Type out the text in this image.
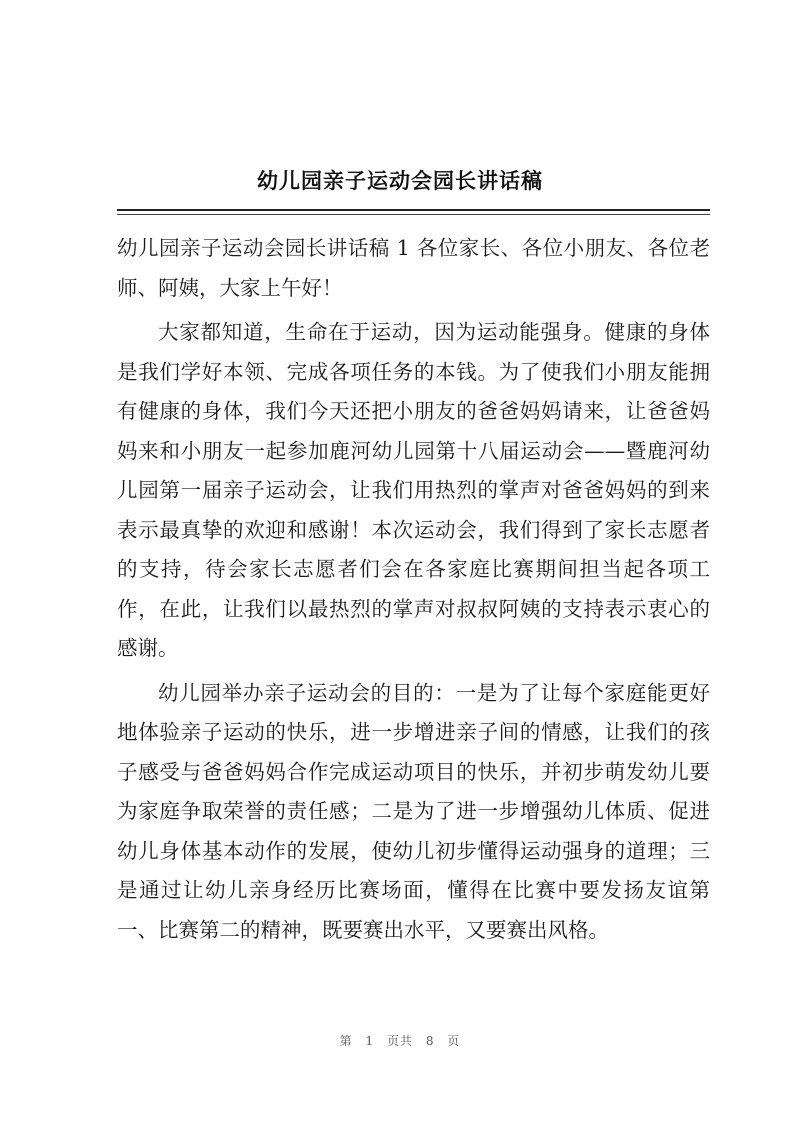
幼儿园亲子运动会园长讲话稿

幼儿园亲子运动会园长讲话稿 1 各位家长、各位小朋友、各位老师、阿姨，大家上午好！

大家都知道，生命在于运动，因为运动能强身。健康的身体是我们学好本领、完成各项任务的本钱。为了使我们小朋友能拥有健康的身体，我们今天还把小朋友的爸爸妈妈请来，让爸爸妈妈来和小朋友一起参加鹿河幼儿园第十八届运动会——暨鹿河幼儿园第一届亲子运动会，让我们用热烈的掌声对爸爸妈妈的到来表示最真挚的欢迎和感谢！本次运动会，我们得到了家长志愿者的支持，待会家长志愿者们会在各家庭比赛期间担当起各项工作，在此，让我们以最热烈的掌声对叔叔阿姨的支持表示衷心的感谢。

幼儿园举办亲子运动会的目的：一是为了让每个家庭能更好地体验亲子运动的快乐，进一步增进亲子间的情感，让我们的孩子感受与爸爸妈妈合作完成运动项目的快乐，并初步萌发幼儿要为家庭争取荣誉的责任感；二是为了进一步增强幼儿体质、促进幼儿身体基本动作的发展，使幼儿初步懂得运动强身的道理；三是通过让幼儿亲身经历比赛场面，懂得在比赛中要发扬友谊第一、比赛第二的精神，既要赛出水平，又要赛出风格。

第 1 页共 8 页
